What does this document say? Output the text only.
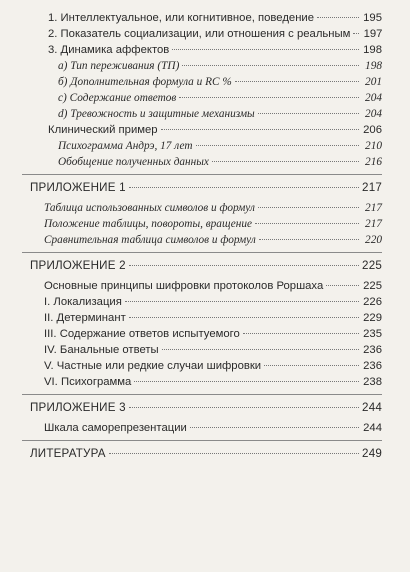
1. Интеллектуальное, или когнитивное, поведение	195
2. Показатель социализации, или отношения с реальным 197
3. Динамика аффектов	198
а) Тип переживания (ТП)	198
б) Дополнительная формула и RC %	201
с) Содержание ответов	204
d) Тревожность и защитные механизмы	204
Клинический пример	206
Психограмма Андрэ, 17 лет	210
Обобщение полученных данных	216
ПРИЛОЖЕНИЕ 1	217
Таблица использованных символов и формул	217
Положение таблицы, повороты, вращение	217
Сравнительная таблица символов и формул	220
ПРИЛОЖЕНИЕ 2	225
Основные принципы шифровки протоколов Роршаха	225
I. Локализация	226
II. Детерминант	229
III. Содержание ответов испытуемого	235
IV. Банальные ответы	236
V. Частные или редкие случаи шифровки	236
VI. Психограмма	238
ПРИЛОЖЕНИЕ 3	244
Шкала саморепрезентации	244
ЛИТЕРАТУРА	249
